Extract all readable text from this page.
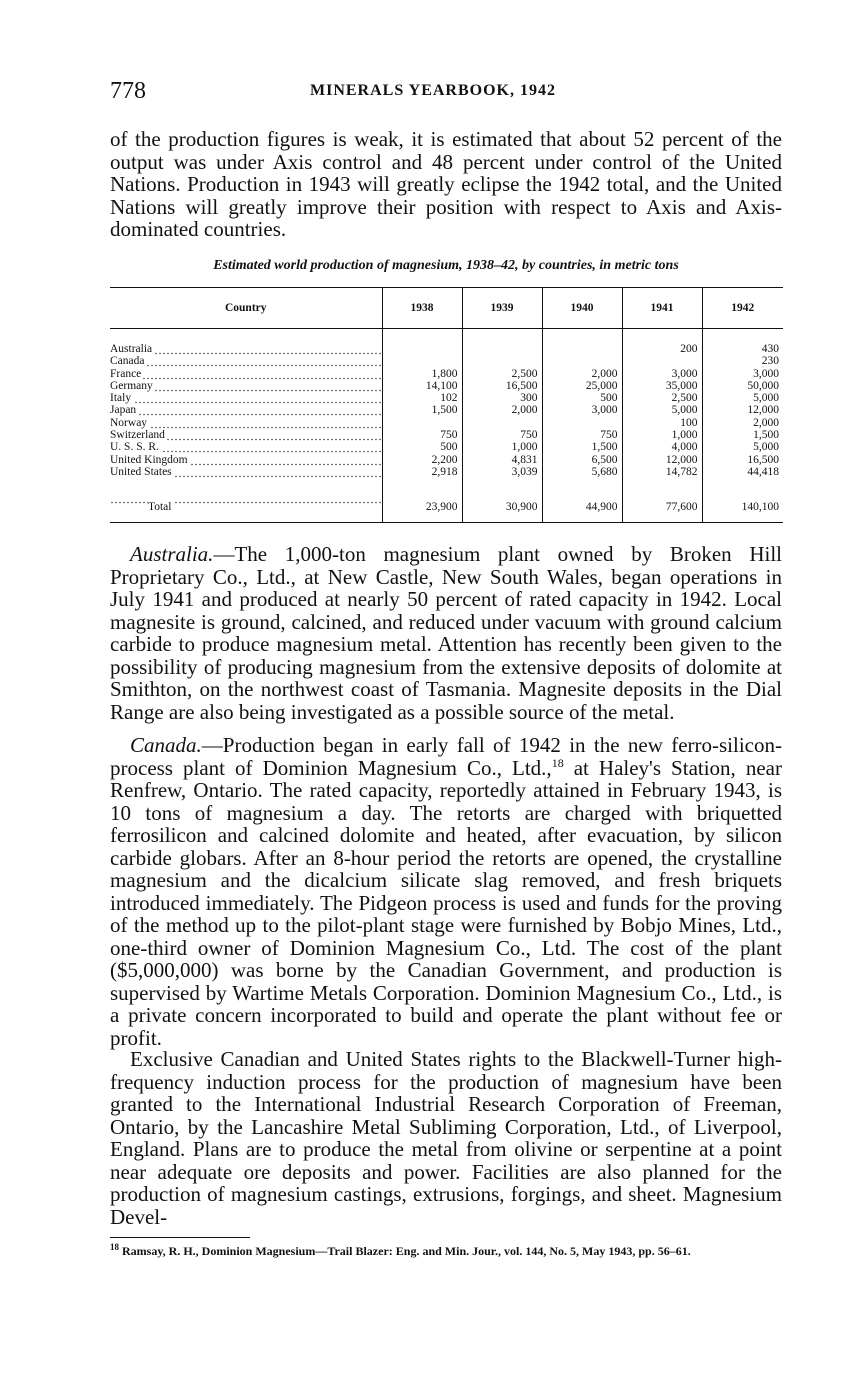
778	MINERALS YEARBOOK, 1942

of the production figures is weak, it is estimated that about 52 percent of the output was under Axis control and 48 percent under control of the United Nations. Production in 1943 will greatly eclipse the 1942 total, and the United Nations will greatly improve their position with respect to Axis and Axis-dominated countries.

Estimated world production of magnesium, 1938–42, by countries, in metric tons
Country	1938	1939	1940	1941	1942

Australia				200	430
Canada					230
France	1,800	2,500	2,000	3,000	3,000
Germany	14,100	16,500	25,000	35,000	50,000
Italy	102	300	500	2,500	5,000
Japan	1,500	2,000	3,000	5,000	12,000
Norway				100	2,000
Switzerland	750	750	750	1,000	1,500
U. S. S. R.	500	1,000	1,500	4,000	5,000
United Kingdom	2,200	4,831	6,500	12,000	16,500
United States	2,918	3,039	5,680	14,782	44,418

Total	23,900	30,900	44,900	77,600	140,100

Australia.—The 1,000-ton magnesium plant owned by Broken Hill Proprietary Co., Ltd., at New Castle, New South Wales, began operations in July 1941 and produced at nearly 50 percent of rated capacity in 1942. Local magnesite is ground, calcined, and reduced under vacuum with ground calcium carbide to produce magnesium metal. Attention has recently been given to the possibility of producing magnesium from the extensive deposits of dolomite at Smithton, on the northwest coast of Tasmania. Magnesite deposits in the Dial Range are also being investigated as a possible source of the metal.

Canada.—Production began in early fall of 1942 in the new ferro-silicon-process plant of Dominion Magnesium Co., Ltd.,$^{18}$ at Haley's Station, near Renfrew, Ontario. The rated capacity, reportedly attained in February 1943, is 10 tons of magnesium a day. The retorts are charged with briquetted ferrosilicon and calcined dolomite and heated, after evacuation, by silicon carbide globars. After an 8-hour period the retorts are opened, the crystalline magnesium and the dicalcium silicate slag removed, and fresh briquets introduced immediately. The Pidgeon process is used and funds for the proving of the method up to the pilot-plant stage were furnished by Bobjo Mines, Ltd., one-third owner of Dominion Magnesium Co., Ltd. The cost of the plant ($5,000,000) was borne by the Canadian Government, and production is supervised by Wartime Metals Corporation. Dominion Magnesium Co., Ltd., is a private concern incorporated to build and operate the plant without fee or profit.

Exclusive Canadian and United States rights to the Blackwell-Turner high-frequency induction process for the production of magnesium have been granted to the International Industrial Research Corporation of Freeman, Ontario, by the Lancashire Metal Subliming Corporation, Ltd., of Liverpool, England. Plans are to produce the metal from olivine or serpentine at a point near adequate ore deposits and power. Facilities are also planned for the production of magnesium castings, extrusions, forgings, and sheet. Magnesium Devel-

$^{18}$ Ramsay, R. H., Dominion Magnesium—Trail Blazer: Eng. and Min. Jour., vol. 144, No. 5, May 1943, pp. 56–61.
